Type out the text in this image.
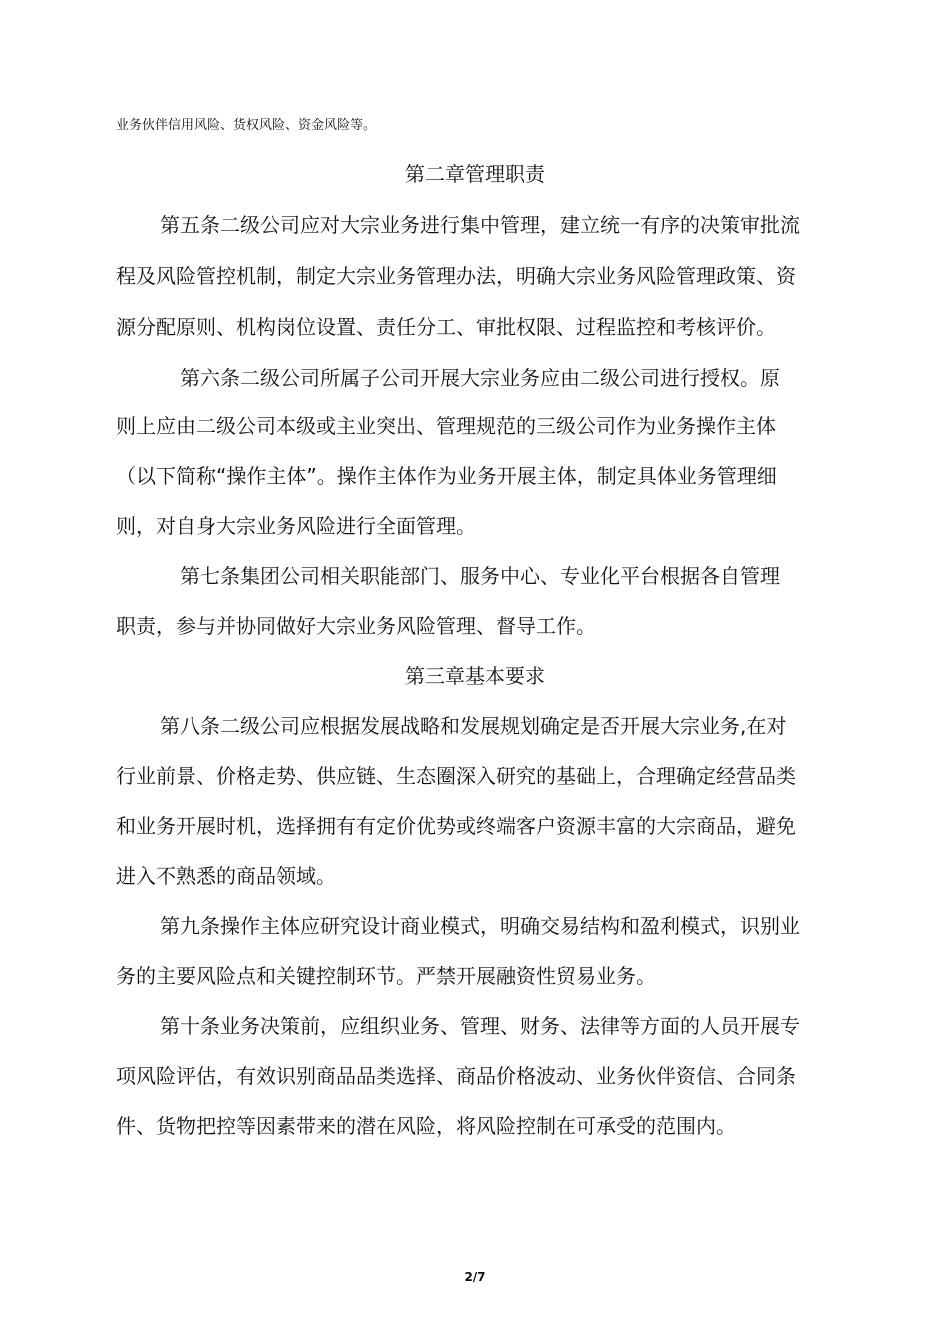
业务伙伴信用风险、货权风险、资金风险等。
第二章管理职责
第五条二级公司应对大宗业务进行集中管理，建立统一有序的决策审批流
程及风险管控机制，制定大宗业务管理办法，明确大宗业务风险管理政策、资
源分配原则、机构岗位设置、责任分工、审批权限、过程监控和考核评价。
第六条二级公司所属子公司开展大宗业务应由二级公司进行授权。原
则上应由二级公司本级或主业突出、管理规范的三级公司作为业务操作主体
（以下简称“操作主体”。操作主体作为业务开展主体，制定具体业务管理细
则，对自身大宗业务风险进行全面管理。
第七条集团公司相关职能部门、服务中心、专业化平台根据各自管理
职责，参与并协同做好大宗业务风险管理、督导工作。
第三章基本要求
第八条二级公司应根据发展战略和发展规划确定是否开展大宗业务,在对
行业前景、价格走势、供应链、生态圈深入研究的基础上，合理确定经营品类
和业务开展时机，选择拥有有定价优势或终端客户资源丰富的大宗商品，避免
进入不熟悉的商品领域。
第九条操作主体应研究设计商业模式，明确交易结构和盈利模式，识别业
务的主要风险点和关键控制环节。严禁开展融资性贸易业务。
第十条业务决策前，应组织业务、管理、财务、法律等方面的人员开展专
项风险评估，有效识别商品品类选择、商品价格波动、业务伙伴资信、合同条
件、货物把控等因素带来的潜在风险，将风险控制在可承受的范围内。
2/7
